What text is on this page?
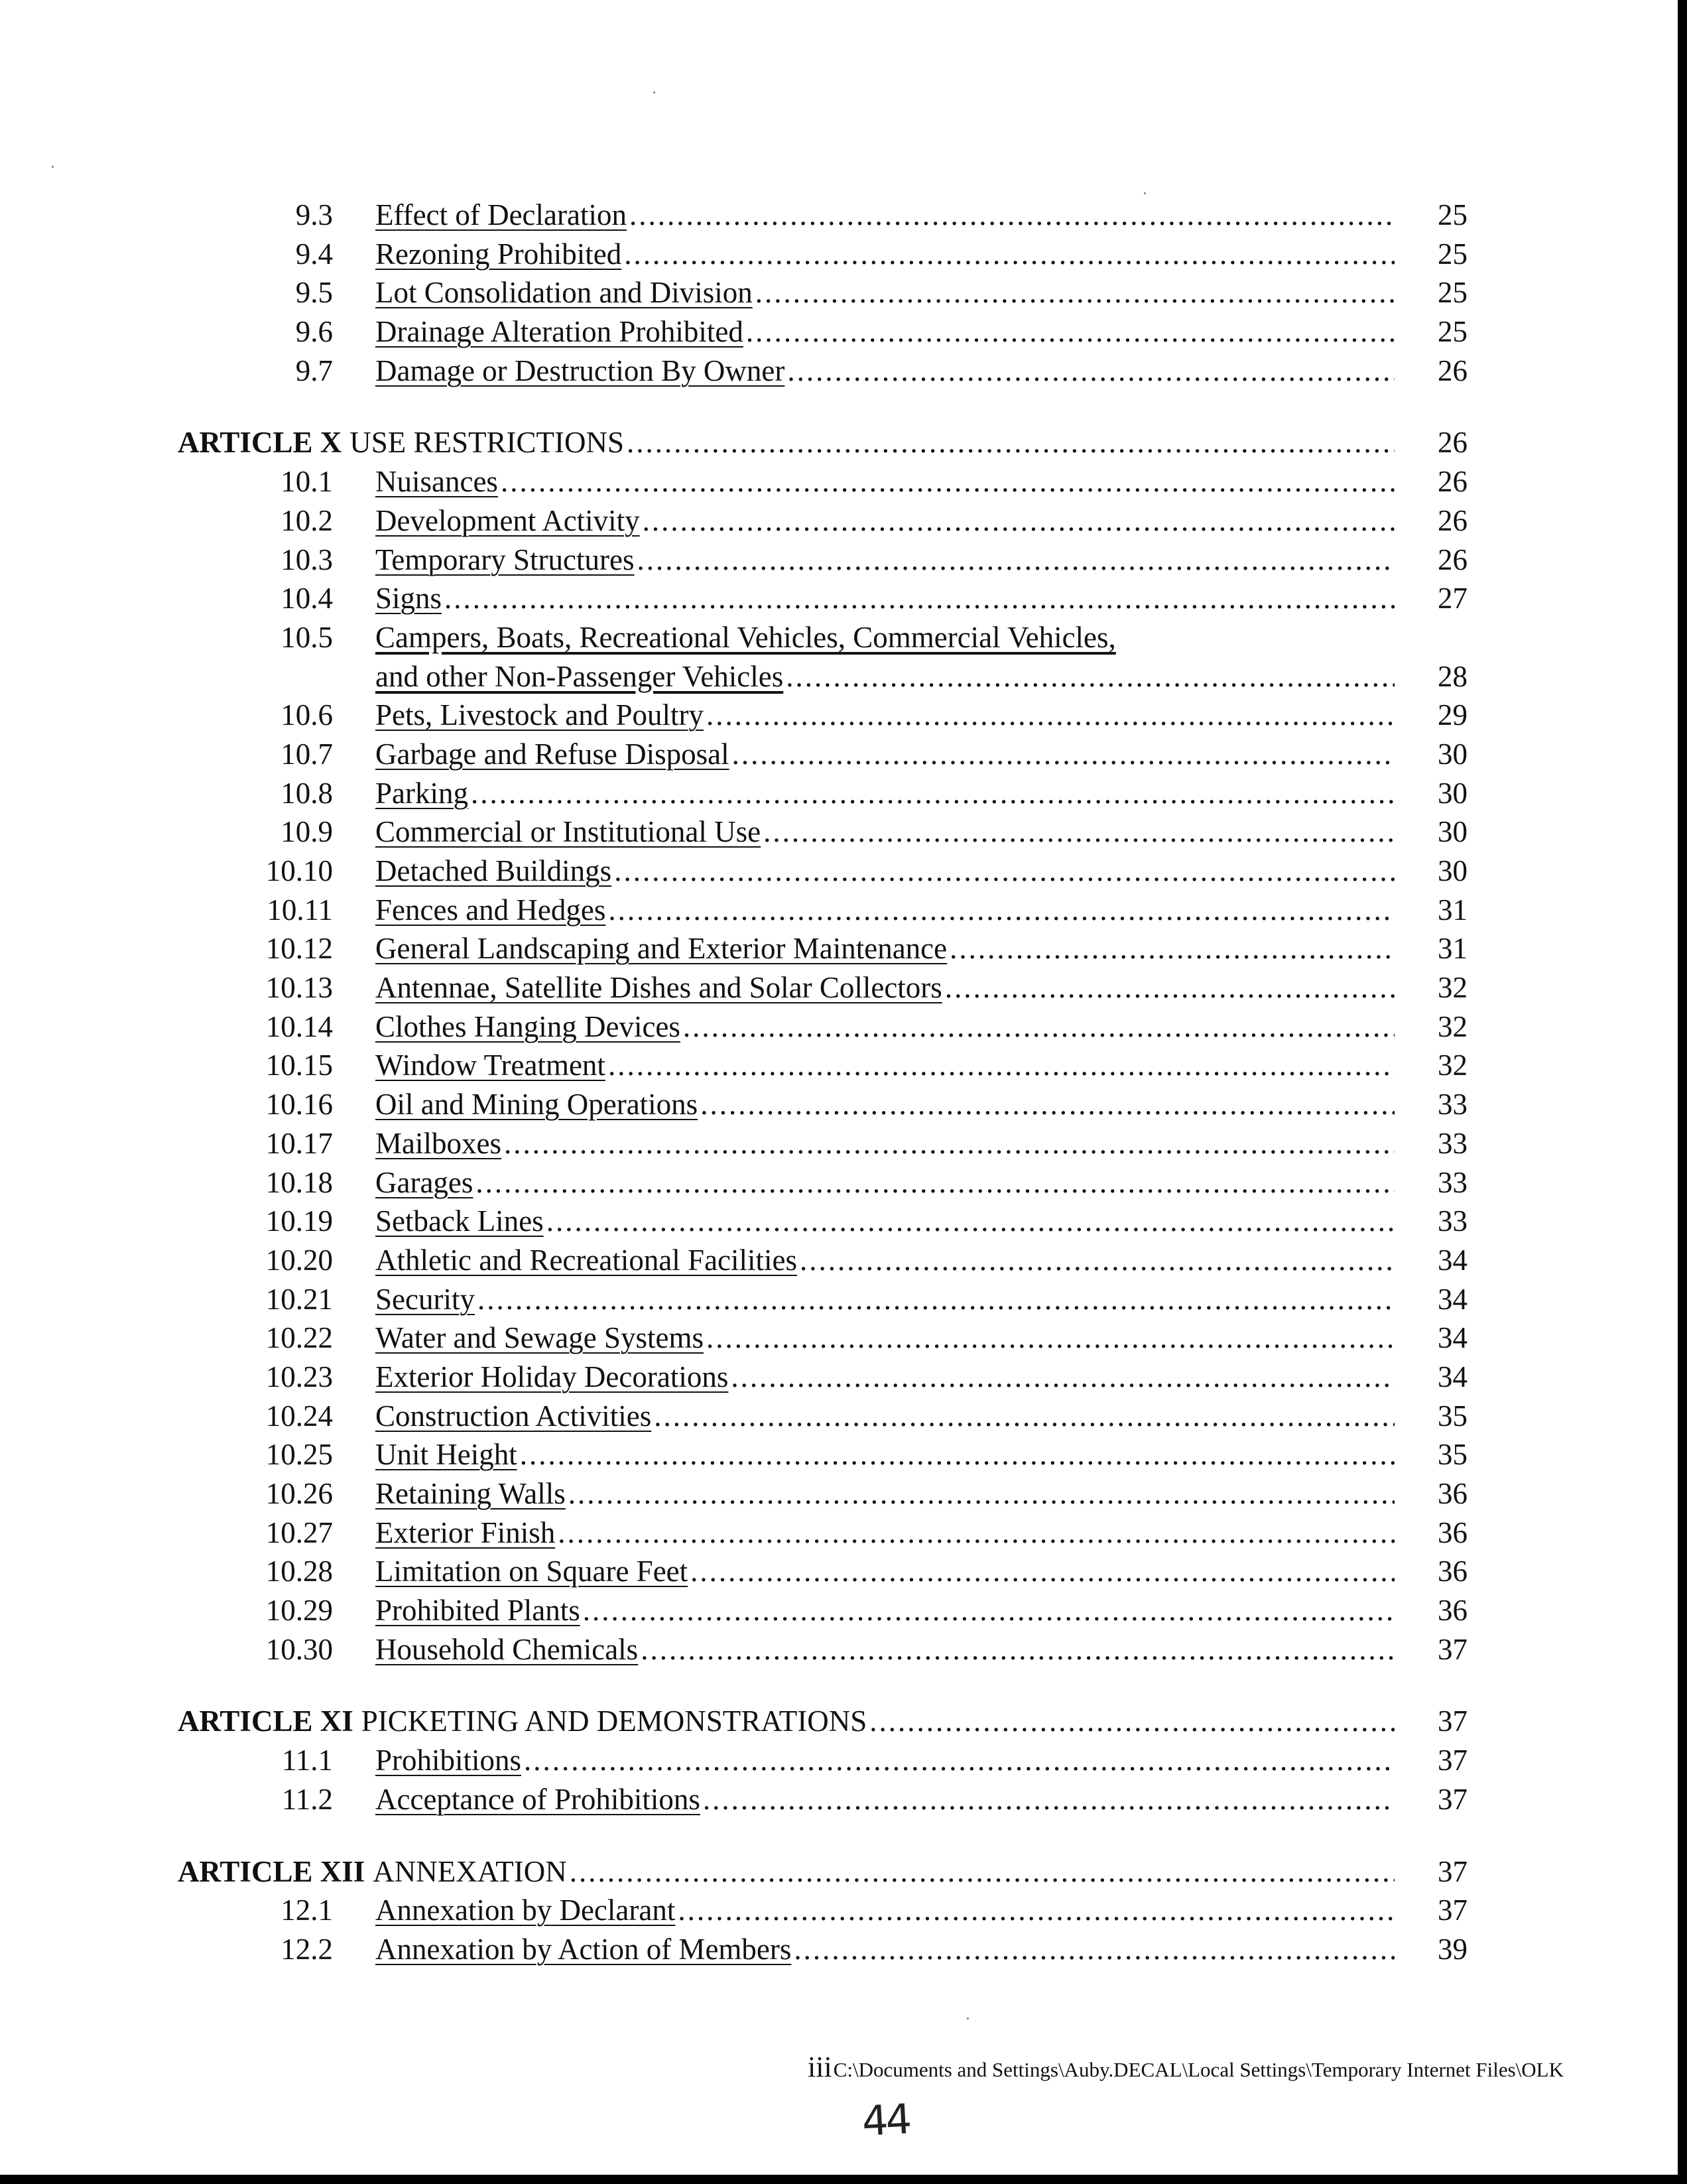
9.3 Effect of Declaration .....	25
9.4 Rezoning Prohibited .....	25
9.5 Lot Consolidation and Division .....	25
9.6 Drainage Alteration Prohibited .....	25
9.7 Damage or Destruction By Owner .....	26
ARTICLE X USE RESTRICTIONS .....	26
10.1 Nuisances .....	26
10.2 Development Activity .....	26
10.3 Temporary Structures .....	26
10.4 Signs .....	27
10.5 Campers, Boats, Recreational Vehicles, Commercial Vehicles,
and other Non-Passenger Vehicles .....	28
10.6 Pets, Livestock and Poultry .....	29
10.7 Garbage and Refuse Disposal .....	30
10.8 Parking .....	30
10.9 Commercial or Institutional Use .....	30
10.10 Detached Buildings .....	30
10.11 Fences and Hedges .....	31
10.12 General Landscaping and Exterior Maintenance .....	31
10.13 Antennae, Satellite Dishes and Solar Collectors .....	32
10.14 Clothes Hanging Devices .....	32
10.15 Window Treatment .....	32
10.16 Oil and Mining Operations .....	33
10.17 Mailboxes .....	33
10.18 Garages .....	33
10.19 Setback Lines .....	33
10.20 Athletic and Recreational Facilities .....	34
10.21 Security .....	34
10.22 Water and Sewage Systems .....	34
10.23 Exterior Holiday Decorations .....	34
10.24 Construction Activities .....	35
10.25 Unit Height .....	35
10.26 Retaining Walls .....	36
10.27 Exterior Finish .....	36
10.28 Limitation on Square Feet .....	36
10.29 Prohibited Plants .....	36
10.30 Household Chemicals .....	37
ARTICLE XI PICKETING AND DEMONSTRATIONS .....	37
11.1 Prohibitions .....	37
11.2 Acceptance of Prohibitions .....	37
ARTICLE XII ANNEXATION .....	37
12.1 Annexation by Declarant .....	37
12.2 Annexation by Action of Members .....	39
iiiC:\Documents and Settings\Auby.DECAL\Local Settings\Temporary Internet Files\OLK
44
